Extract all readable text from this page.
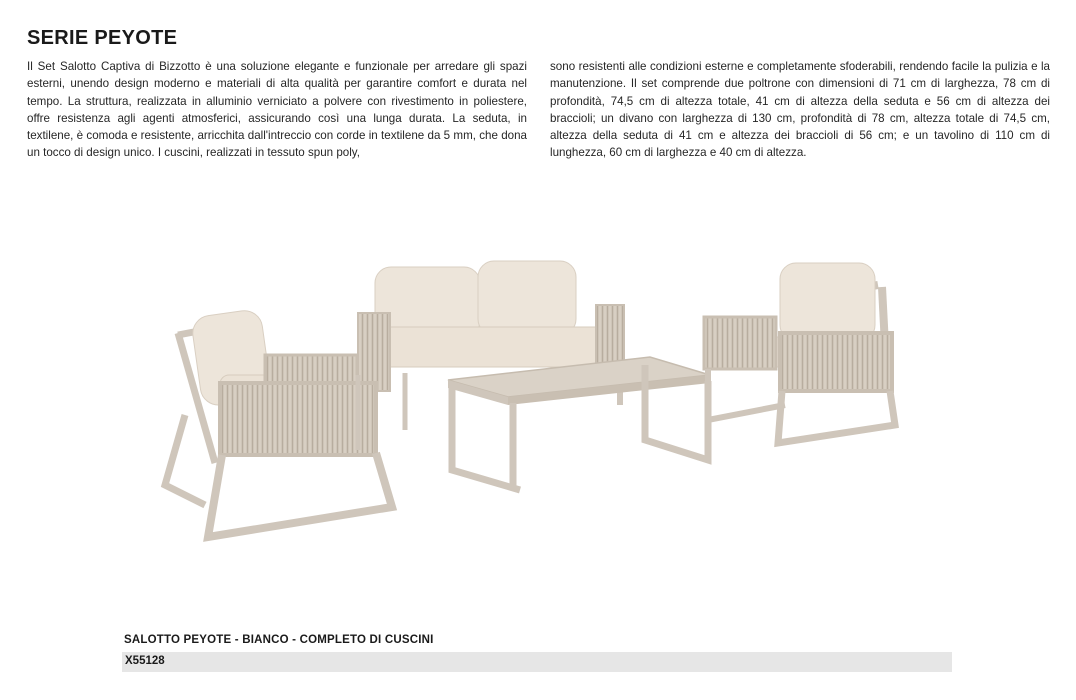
SERIE PEYOTE

Il Set Salotto Captiva di Bizzotto è una soluzione elegante e funzionale per arredare gli spazi esterni, unendo design moderno e materiali di alta qualità per garantire comfort e durata nel tempo. La struttura, realizzata in alluminio verniciato a polvere con rivestimento in poliestere, offre resistenza agli agenti atmosferici, assicurando così una lunga durata. La seduta, in textilene, è comoda e resistente, arricchita dall'intreccio con corde in textilene da 5 mm, che dona un tocco di design unico. I cuscini, realizzati in tessuto spun poly,

sono resistenti alle condizioni esterne e completamente sfoderabili, rendendo facile la pulizia e la manutenzione. Il set comprende due poltrone con dimensioni di 71 cm di larghezza, 78 cm di profondità, 74,5 cm di altezza totale, 41 cm di altezza della seduta e 56 cm di altezza dei braccioli; un divano con larghezza di 130 cm, profondità di 78 cm, altezza totale di 74,5 cm, altezza della seduta di 41 cm e altezza dei braccioli di 56 cm; e un tavolino di 110 cm di lunghezza, 60 cm di larghezza e 40 cm di altezza.

SALOTTO PEYOTE - BIANCO - COMPLETO DI CUSCINI

X55128
